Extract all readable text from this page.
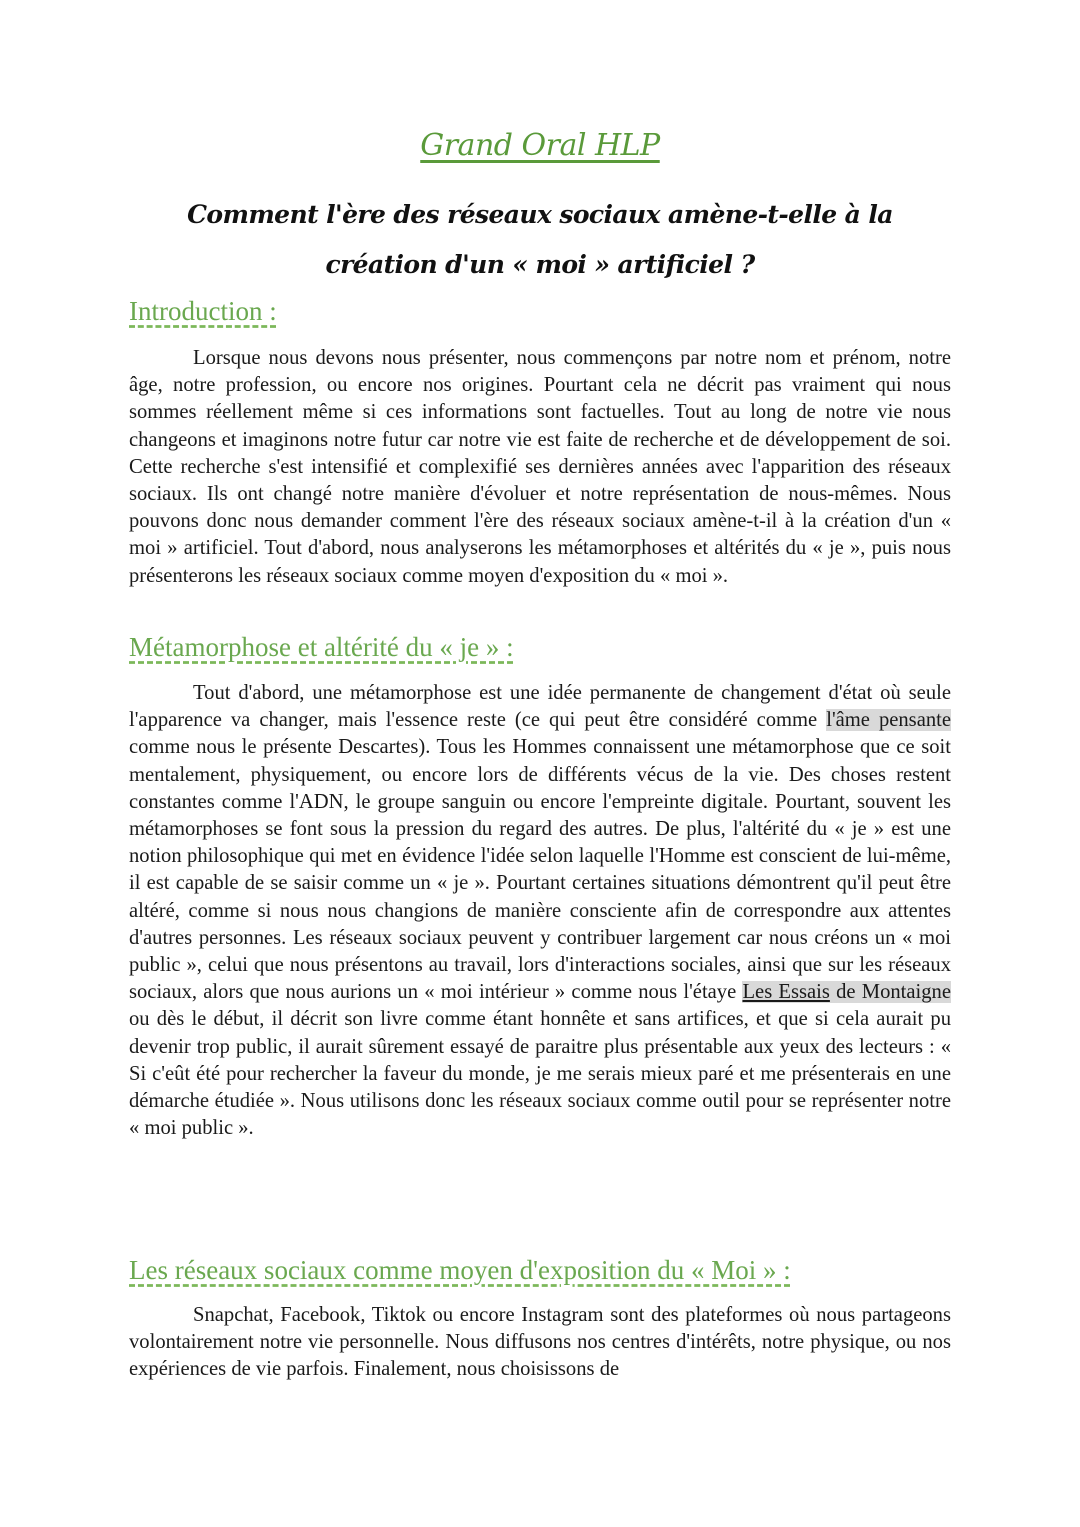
Grand Oral HLP
Comment l'ère des réseaux sociaux amène-t-elle à la création d'un « moi » artificiel ?
Introduction :

Lorsque nous devons nous présenter, nous commençons par notre nom et prénom, notre âge, notre profession, ou encore nos origines. Pourtant cela ne décrit pas vraiment qui nous sommes réellement même si ces informations sont factuelles. Tout au long de notre vie nous changeons et imaginons notre futur car notre vie est faite de recherche et de développement de soi. Cette recherche s'est intensifié et complexifié ses dernières années avec l'apparition des réseaux sociaux. Ils ont changé notre manière d'évoluer et notre représentation de nous-mêmes. Nous pouvons donc nous demander comment l'ère des réseaux sociaux amène-t-il à la création d'un « moi » artificiel. Tout d'abord, nous analyserons les métamorphoses et altérités du « je », puis nous présenterons les réseaux sociaux comme moyen d'exposition du « moi ».

Métamorphose et altérité du « je » :

Tout d'abord, une métamorphose est une idée permanente de changement d'état où seule l'apparence va changer, mais l'essence reste (ce qui peut être considéré comme l'âme pensante comme nous le présente Descartes). Tous les Hommes connaissent une métamorphose que ce soit mentalement, physiquement, ou encore lors de différents vécus de la vie. Des choses restent constantes comme l'ADN, le groupe sanguin ou encore l'empreinte digitale. Pourtant, souvent les métamorphoses se font sous la pression du regard des autres. De plus, l'altérité du « je » est une notion philosophique qui met en évidence l'idée selon laquelle l'Homme est conscient de lui-même, il est capable de se saisir comme un « je ». Pourtant certaines situations démontrent qu'il peut être altéré, comme si nous nous changions de manière consciente afin de correspondre aux attentes d'autres personnes. Les réseaux sociaux peuvent y contribuer largement car nous créons un « moi public », celui que nous présentons au travail, lors d'interactions sociales, ainsi que sur les réseaux sociaux, alors que nous aurions un « moi intérieur » comme nous l'étaye Les Essais de Montaigne ou dès le début, il décrit son livre comme étant honnête et sans artifices, et que si cela aurait pu devenir trop public, il aurait sûrement essayé de paraitre plus présentable aux yeux des lecteurs : « Si c'eût été pour rechercher la faveur du monde, je me serais mieux paré et me présenterais en une démarche étudiée ». Nous utilisons donc les réseaux sociaux comme outil pour se représenter notre « moi public ».

Les réseaux sociaux comme moyen d'exposition du « Moi » :

Snapchat, Facebook, Tiktok ou encore Instagram sont des plateformes où nous partageons volontairement notre vie personnelle. Nous diffusons nos centres d'intérêts, notre physique, ou nos expériences de vie parfois. Finalement, nous choisissons de
